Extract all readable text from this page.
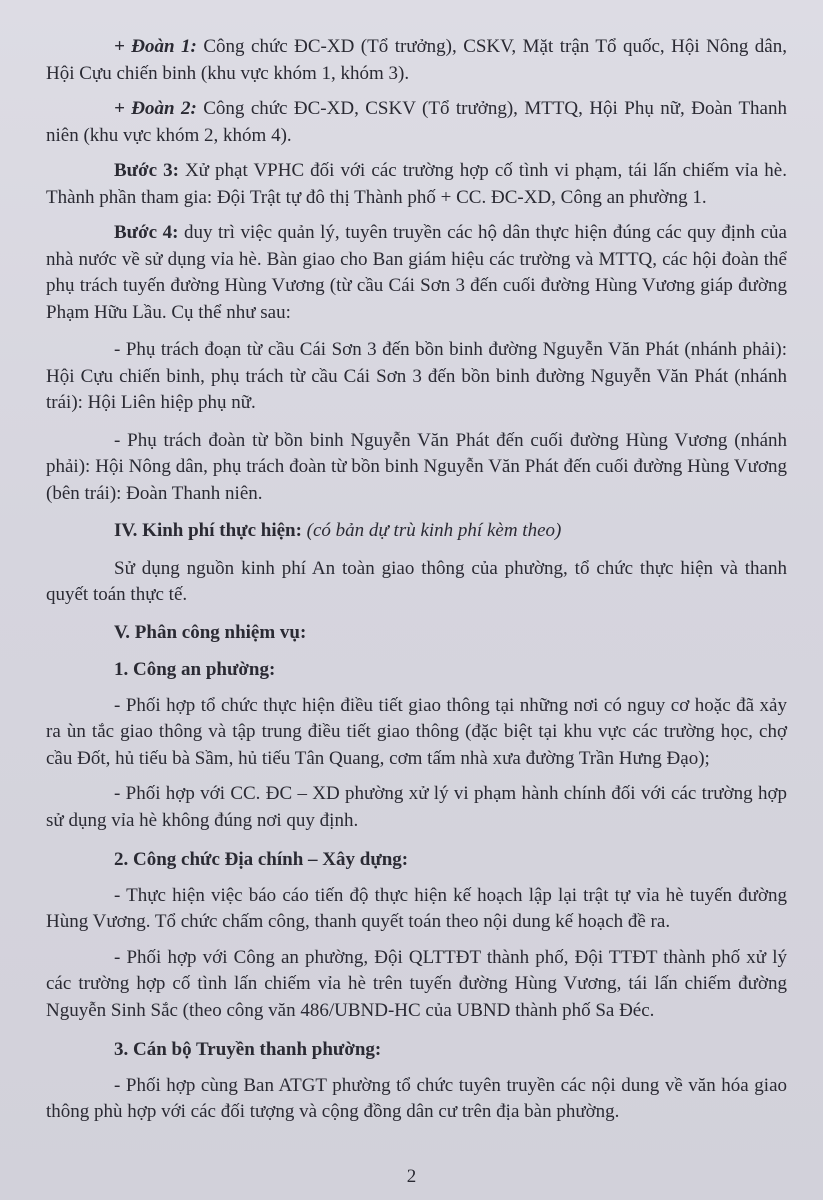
+ Đoàn 1: Công chức ĐC-XD (Tổ trưởng), CSKV, Mặt trận Tổ quốc, Hội Nông dân, Hội Cựu chiến binh (khu vực khóm 1, khóm 3).

+ Đoàn 2: Công chức ĐC-XD, CSKV (Tổ trưởng), MTTQ, Hội Phụ nữ, Đoàn Thanh niên (khu vực khóm 2, khóm 4).

Bước 3: Xử phạt VPHC đối với các trường hợp cố tình vi phạm, tái lấn chiếm vỉa hè. Thành phần tham gia: Đội Trật tự đô thị Thành phố + CC. ĐC-XD, Công an phường 1.

Bước 4: duy trì việc quản lý, tuyên truyền các hộ dân thực hiện đúng các quy định của nhà nước về sử dụng vỉa hè. Bàn giao cho Ban giám hiệu các trường và MTTQ, các hội đoàn thể phụ trách tuyến đường Hùng Vương (từ cầu Cái Sơn 3 đến cuối đường Hùng Vương giáp đường Phạm Hữu Lầu. Cụ thể như sau:

- Phụ trách đoạn từ cầu Cái Sơn 3 đến bồn binh đường Nguyễn Văn Phát (nhánh phải): Hội Cựu chiến binh, phụ trách từ cầu Cái Sơn 3 đến bồn binh đường Nguyễn Văn Phát (nhánh trái): Hội Liên hiệp phụ nữ.

- Phụ trách đoàn từ bồn binh Nguyễn Văn Phát đến cuối đường Hùng Vương (nhánh phải): Hội Nông dân, phụ trách đoàn từ bồn binh Nguyễn Văn Phát đến cuối đường Hùng Vương (bên trái): Đoàn Thanh niên.

IV. Kinh phí thực hiện: (có bản dự trù kinh phí kèm theo)

Sử dụng nguồn kinh phí An toàn giao thông của phường, tổ chức thực hiện và thanh quyết toán thực tế.

V. Phân công nhiệm vụ:

1. Công an phường:

- Phối hợp tổ chức thực hiện điều tiết giao thông tại những nơi có nguy cơ hoặc đã xảy ra ùn tắc giao thông và tập trung điều tiết giao thông (đặc biệt tại khu vực các trường học, chợ cầu Đốt, hủ tiếu bà Sầm, hủ tiếu Tân Quang, cơm tấm nhà xưa đường Trần Hưng Đạo);

- Phối hợp với CC. ĐC – XD phường xử lý vi phạm hành chính đối với các trường hợp sử dụng vỉa hè không đúng nơi quy định.

2. Công chức Địa chính – Xây dựng:

- Thực hiện việc báo cáo tiến độ thực hiện kế hoạch lập lại trật tự vỉa hè tuyến đường Hùng Vương. Tổ chức chấm công, thanh quyết toán theo nội dung kế hoạch đề ra.

- Phối hợp với Công an phường, Đội QLTTĐT thành phố, Đội TTĐT thành phố xử lý các trường hợp cố tình lấn chiếm vỉa hè trên tuyến đường Hùng Vương, tái lấn chiếm đường Nguyễn Sinh Sắc (theo công văn 486/UBND-HC của UBND thành phố Sa Đéc.

3. Cán bộ Truyền thanh phường:

- Phối hợp cùng Ban ATGT phường tổ chức tuyên truyền các nội dung về văn hóa giao thông phù hợp với các đối tượng và cộng đồng dân cư trên địa bàn phường.

2
